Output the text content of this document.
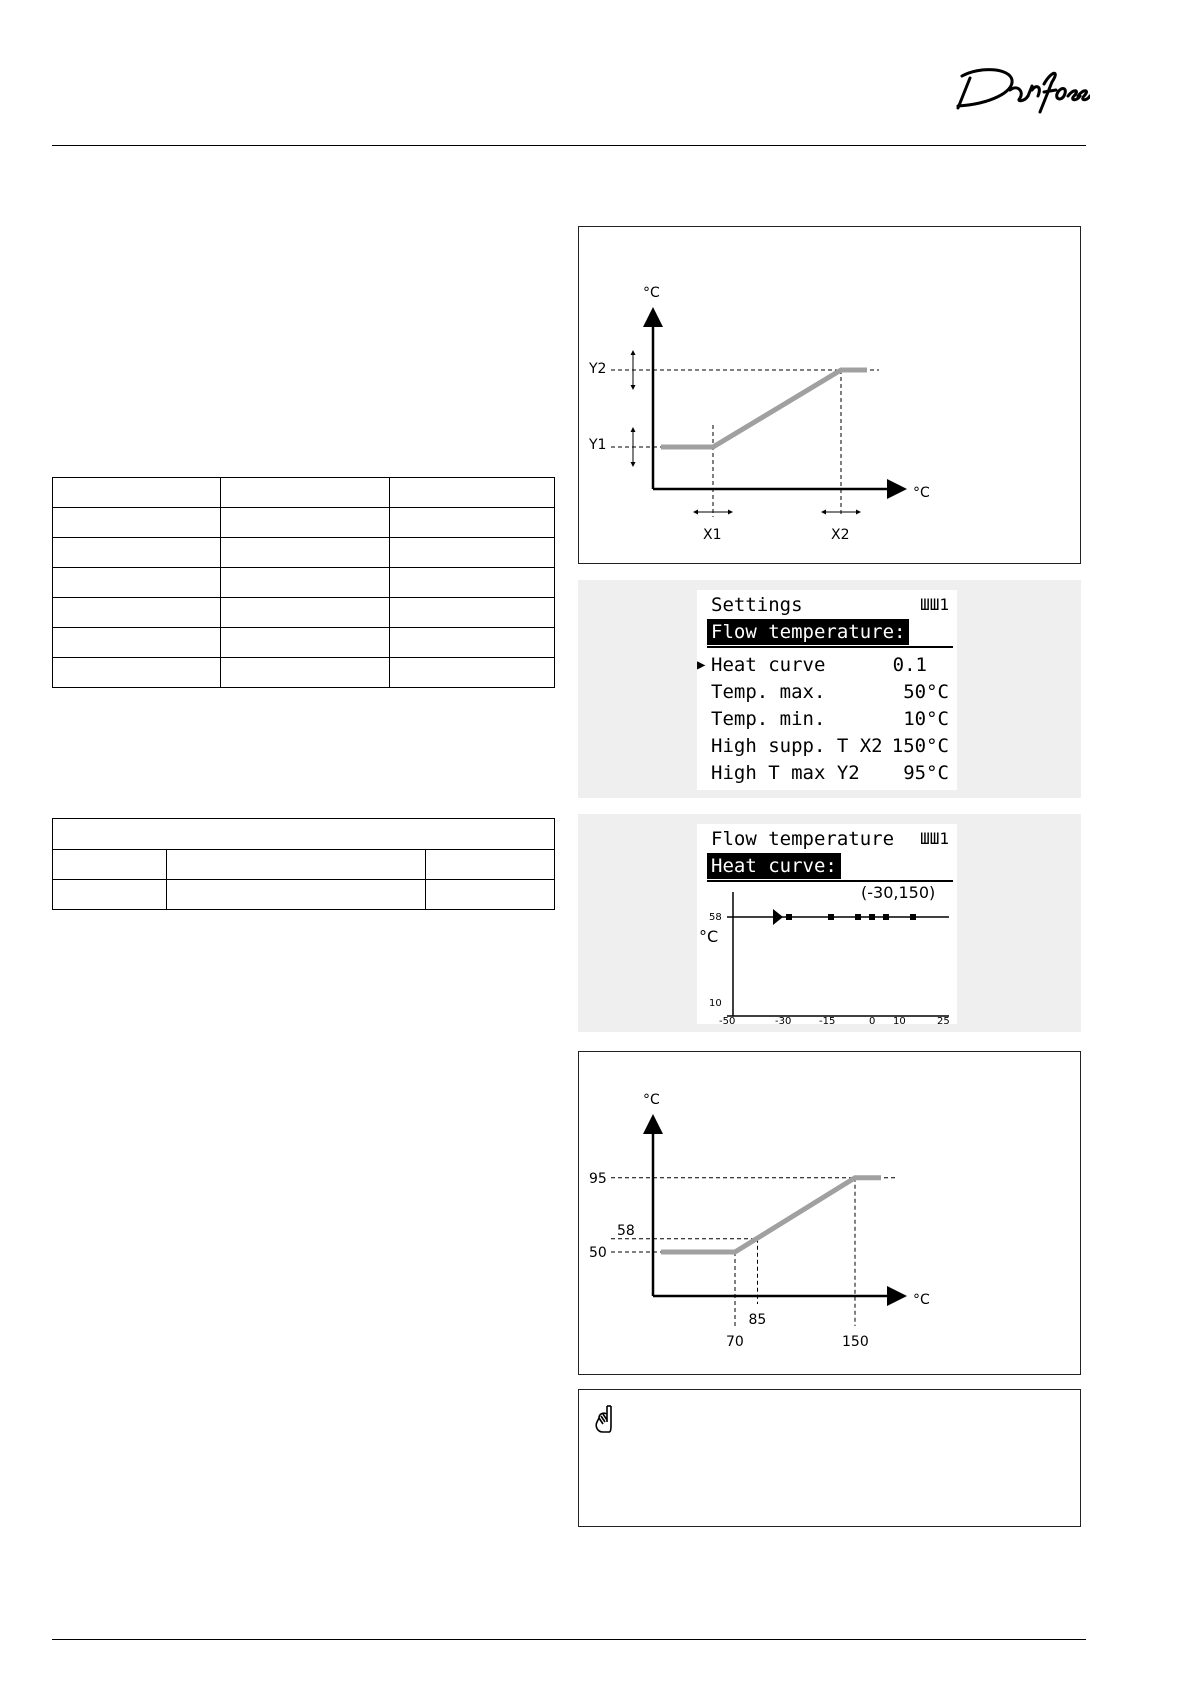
Danfoss

°C
°C
Y2
Y1
X1	X2
Settings	ШШ1
Flow temperature:
▶ Heat curve	0.1
Temp. max.	50°C
Temp. min.	10°C
High supp. T X2 150°C
High T max Y2 95°C
Flow temperature ШШ1
Heat curve:
(-30,150)
58
°C
10
-50	-30	-15	0 10	25
°C
°C
95
58
50
70
85
150
